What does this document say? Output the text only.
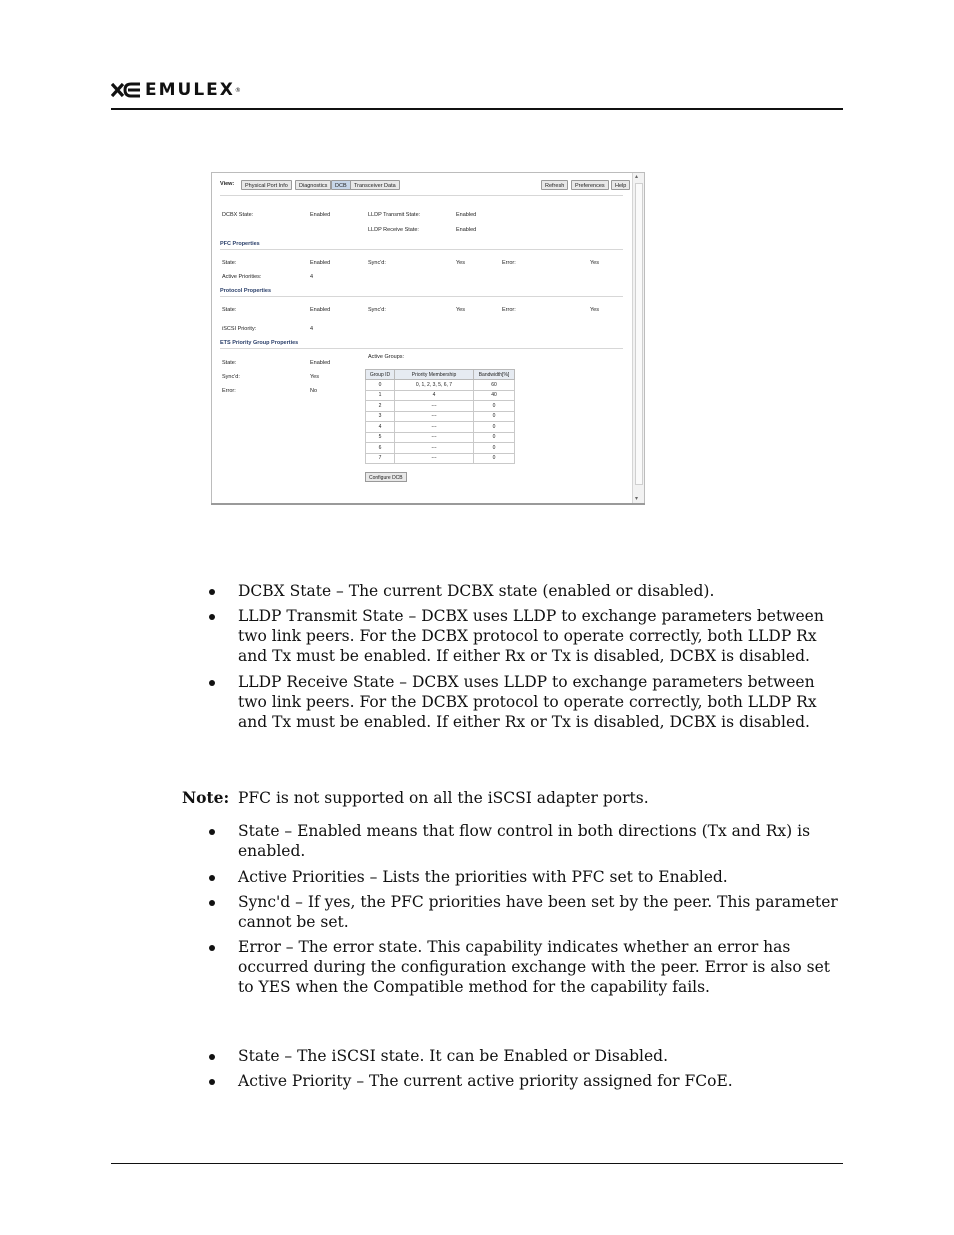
EMULEX ®
View:	Physical Port Info	Diagnostics	DCB	Transceiver Data	Refresh	Preferences	Help
DCBX State:	Enabled	LLDP Transmit State:	Enabled
LLDP Receive State:	Enabled
PFC Properties
State:	Enabled	Sync'd:	Yes	Error:	Yes
Active Priorities:	4
Protocol Properties
State:	Enabled	Sync'd:	Yes	Error:	Yes
iSCSI Priority:	4
ETS Priority Group Properties
State:	Enabled
Sync'd:	Yes
Error:	No
Active Groups:
Group ID	Priority Membership	Bandwidth[%]
0	0, 1, 2, 3, 5, 6, 7	60
1	4	40
2	---	0
3	---	0
4	---	0
5	---	0
6	---	0
7	---	0
Configure DCB
▴
▾
DCBX State – The current DCBX state (enabled or disabled).
LLDP Transmit State – DCBX uses LLDP to exchange parameters between two link peers. For the DCBX protocol to operate correctly, both LLDP Rx and Tx must be enabled. If either Rx or Tx is disabled, DCBX is disabled.
LLDP Receive State – DCBX uses LLDP to exchange parameters between two link peers. For the DCBX protocol to operate correctly, both LLDP Rx and Tx must be enabled. If either Rx or Tx is disabled, DCBX is disabled.
Note: PFC is not supported on all the iSCSI adapter ports.
State – Enabled means that flow control in both directions (Tx and Rx) is enabled.
Active Priorities – Lists the priorities with PFC set to Enabled.
Sync'd – If yes, the PFC priorities have been set by the peer. This parameter cannot be set.
Error – The error state. This capability indicates whether an error has occurred during the configuration exchange with the peer. Error is also set to YES when the Compatible method for the capability fails.
State – The iSCSI state. It can be Enabled or Disabled.
Active Priority – The current active priority assigned for FCoE.
